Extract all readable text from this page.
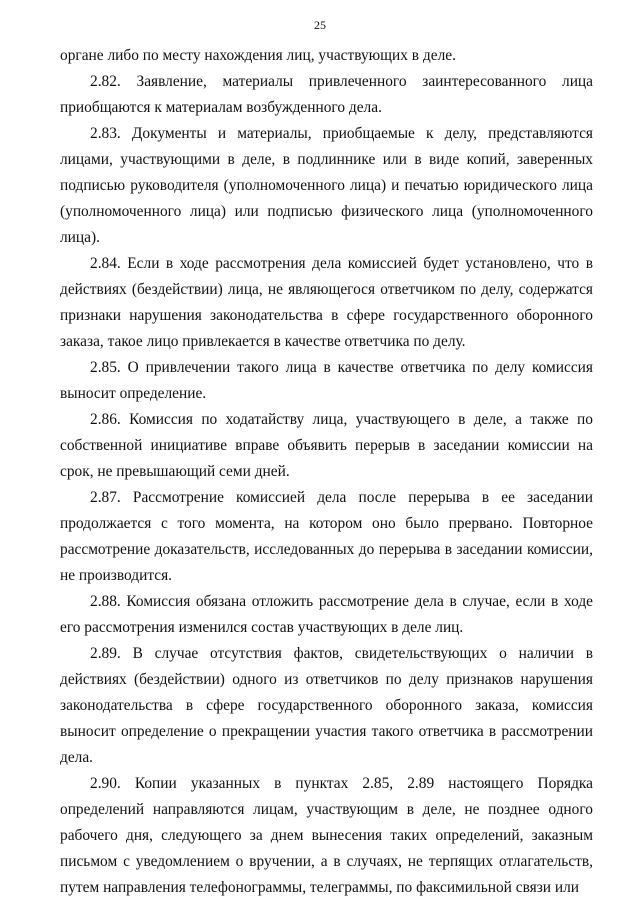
25

органе либо по месту нахождения лиц, участвующих в деле.

2.82. Заявление, материалы привлеченного заинтересованного лица приобщаются к материалам возбужденного дела.

2.83. Документы и материалы, приобщаемые к делу, представляются лицами, участвующими в деле, в подлиннике или в виде копий, заверенных подписью руководителя (уполномоченного лица) и печатью юридического лица (уполномоченного лица) или подписью физического лица (уполномоченного лица).

2.84. Если в ходе рассмотрения дела комиссией будет установлено, что в действиях (бездействии) лица, не являющегося ответчиком по делу, содержатся признаки нарушения законодательства в сфере государственного оборонного заказа, такое лицо привлекается в качестве ответчика по делу.

2.85. О привлечении такого лица в качестве ответчика по делу комиссия выносит определение.

2.86. Комиссия по ходатайству лица, участвующего в деле, а также по собственной инициативе вправе объявить перерыв в заседании комиссии на срок, не превышающий семи дней.

2.87. Рассмотрение комиссией дела после перерыва в ее заседании продолжается с того момента, на котором оно было прервано. Повторное рассмотрение доказательств, исследованных до перерыва в заседании комиссии, не производится.

2.88. Комиссия обязана отложить рассмотрение дела в случае, если в ходе его рассмотрения изменился состав участвующих в деле лиц.

2.89. В случае отсутствия фактов, свидетельствующих о наличии в действиях (бездействии) одного из ответчиков по делу признаков нарушения законодательства в сфере государственного оборонного заказа, комиссия выносит определение о прекращении участия такого ответчика в рассмотрении дела.

2.90. Копии указанных в пунктах 2.85, 2.89 настоящего Порядка определений направляются лицам, участвующим в деле, не позднее одного рабочего дня, следующего за днем вынесения таких определений, заказным письмом с уведомлением о вручении, а в случаях, не терпящих отлагательств, путем направления телефонограммы, телеграммы, по факсимильной связи или
